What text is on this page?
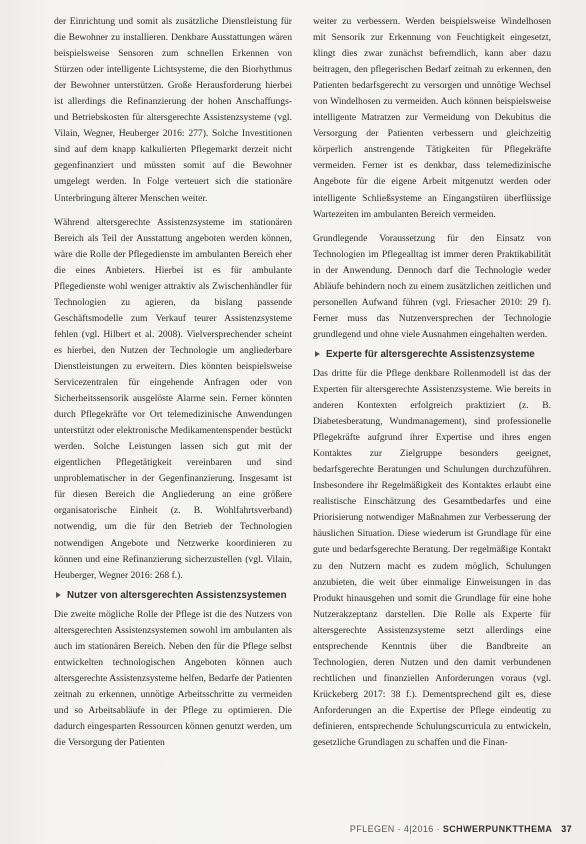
der Einrichtung und somit als zusätzliche Dienstleistung für die Bewohner zu installieren. Denkbare Ausstattungen wären beispielsweise Sensoren zum schnellen Erkennen von Stürzen oder intelligente Lichtsysteme, die den Biorhythmus der Bewohner unterstützen. Große Herausforderung hierbei ist allerdings die Refinanzierung der hohen Anschaffungs- und Betriebskosten für altersgerechte Assistenzsysteme (vgl. Vilain, Wegner, Heuberger 2016: 277). Solche Investitionen sind auf dem knapp kalkulierten Pflegemarkt derzeit nicht gegenfinanziert und müssten somit auf die Bewohner umgelegt werden. In Folge verteuert sich die stationäre Unterbringung älterer Menschen weiter.

Während altersgerechte Assistenzsysteme im stationären Bereich als Teil der Ausstattung angeboten werden können, wäre die Rolle der Pflegedienste im ambulanten Bereich eher die eines Anbieters. Hierbei ist es für ambulante Pflegedienste wohl weniger attraktiv als Zwischenhändler für Technologien zu agieren, da bislang passende Geschäftsmodelle zum Verkauf teurer Assistenzsysteme fehlen (vgl. Hilbert et al. 2008). Vielversprechender scheint es hierbei, den Nutzen der Technologie um angliederbare Dienstleistungen zu erweitern. Dies könnten beispielsweise Servicezentralen für eingehende Anfragen oder von Sicherheitssensorik ausgelöste Alarme sein. Ferner könnten durch Pflegekräfte vor Ort telemedizinische Anwendungen unterstützt oder elektronische Medikamentenspender bestückt werden. Solche Leistungen lassen sich gut mit der eigentlichen Pflegetätigkeit vereinbaren und sind unproblematischer in der Gegenfinanzierung. Insgesamt ist für diesen Bereich die Angliederung an eine größere organisatorische Einheit (z. B. Wohlfahrtsverband) notwendig, um die für den Betrieb der Technologien notwendigen Angebote und Netzwerke koordinieren zu können und eine Refinanzierung sicherzustellen (vgl. Vilain, Heuberger, Wegner 2016: 268 f.).

Nutzer von altersgerechten Assistenzsystemen

Die zweite mögliche Rolle der Pflege ist die des Nutzers von altersgerechten Assistenzsystemen sowohl im ambulanten als auch im stationären Bereich. Neben den für die Pflege selbst entwickelten technologischen Angeboten können auch altersgerechte Assistenzsysteme helfen, Bedarfe der Patienten zeitnah zu erkennen, unnötige Arbeitsschritte zu vermeiden und so Arbeitsabläufe in der Pflege zu optimieren. Die dadurch eingesparten Ressourcen können genutzt werden, um die Versorgung der Patienten

weiter zu verbessern. Werden beispielsweise Windelhosen mit Sensorik zur Erkennung von Feuchtigkeit eingesetzt, klingt dies zwar zunächst befremdlich, kann aber dazu beitragen, den pflegerischen Bedarf zeitnah zu erkennen, den Patienten bedarfsgerecht zu versorgen und unnötige Wechsel von Windelhosen zu vermeiden. Auch können beispielsweise intelligente Matratzen zur Vermeidung von Dekubitus die Versorgung der Patienten verbessern und gleichzeitig körperlich anstrengende Tätigkeiten für Pflegekräfte vermeiden. Ferner ist es denkbar, dass telemedizinische Angebote für die eigene Arbeit mitgenutzt werden oder intelligente Schließsysteme an Eingangstüren überflüssige Wartezeiten im ambulanten Bereich vermeiden.

Grundlegende Voraussetzung für den Einsatz von Technologien im Pflegealltag ist immer deren Praktikabilität in der Anwendung. Dennoch darf die Technologie weder Abläufe behindern noch zu einem zusätzlichen zeitlichen und personellen Aufwand führen (vgl. Friesacher 2010: 29 f). Ferner muss das Nutzenversprechen der Technologie grundlegend und ohne viele Ausnahmen eingehalten werden.

Experte für altersgerechte Assistenzsysteme

Das dritte für die Pflege denkbare Rollenmodell ist das der Experten für altersgerechte Assistenzsysteme. Wie bereits in anderen Kontexten erfolgreich praktiziert (z. B. Diabetesberatung, Wundmanagement), sind professionelle Pflegekräfte aufgrund ihrer Expertise und ihres engen Kontaktes zur Zielgruppe besonders geeignet, bedarfsgerechte Beratungen und Schulungen durchzuführen. Insbesondere ihr Regelmäßigkeit des Kontaktes erlaubt eine realistische Einschätzung des Gesamtbedarfes und eine Priorisierung notwendiger Maßnahmen zur Verbesserung der häuslichen Situation. Diese wiederum ist Grundlage für eine gute und bedarfsgerechte Beratung. Der regelmäßige Kontakt zu den Nutzern macht es zudem möglich, Schulungen anzubieten, die weit über einmalige Einweisungen in das Produkt hinausgehen und somit die Grundlage für eine hohe Nutzerakzeptanz darstellen. Die Rolle als Experte für altersgerechte Assistenzsysteme setzt allerdings eine entsprechende Kenntnis über die Bandbreite an Technologien, deren Nutzen und den damit verbundenen rechtlichen und finanziellen Anforderungen voraus (vgl. Krückeberg 2017: 38 f.). Dementsprechend gilt es, diese Anforderungen an die Expertise der Pflege eindeutig zu definieren, entsprechende Schulungscurricula zu entwickeln, gesetzliche Grundlagen zu schaffen und die Finan-

PFLEGEN · 4|2016 · SCHWERPUNKTTHEMA 37
